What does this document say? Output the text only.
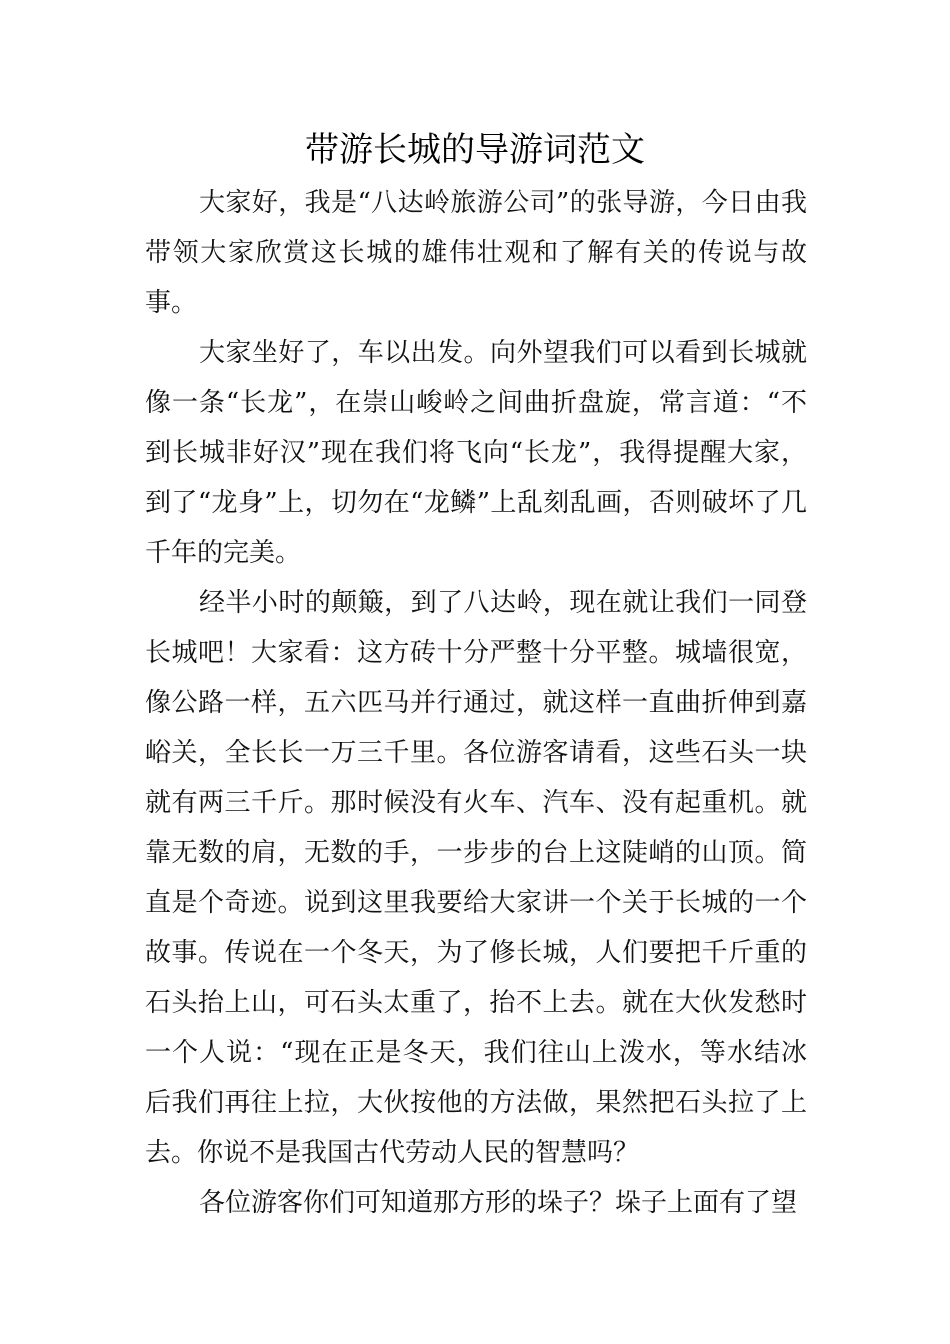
带游长城的导游词范文

大家好，我是“八达岭旅游公司”的张导游，今日由我带领大家欣赏这长城的雄伟壮观和了解有关的传说与故事。

大家坐好了，车以出发。向外望我们可以看到长城就像一条“长龙”，在崇山峻岭之间曲折盘旋，常言道：“不到长城非好汉”现在我们将飞向“长龙”，我得提醒大家，到了“龙身”上，切勿在“龙鳞”上乱刻乱画，否则破坏了几千年的完美。

经半小时的颠簸，到了八达岭，现在就让我们一同登长城吧！大家看：这方砖十分严整十分平整。城墙很宽，像公路一样，五六匹马并行通过，就这样一直曲折伸到嘉峪关，全长长一万三千里。各位游客请看，这些石头一块就有两三千斤。那时候没有火车、汽车、没有起重机。就靠无数的肩，无数的手，一步步的台上这陡峭的山顶。简直是个奇迹。说到这里我要给大家讲一个关于长城的一个故事。传说在一个冬天，为了修长城，人们要把千斤重的石头抬上山，可石头太重了，抬不上去。就在大伙发愁时一个人说：“现在正是冬天，我们往山上泼水，等水结冰后我们再往上拉，大伙按他的方法做，果然把石头拉了上去。你说不是我国古代劳动人民的智慧吗？

各位游客你们可知道那方形的垛子？垛子上面有了望
